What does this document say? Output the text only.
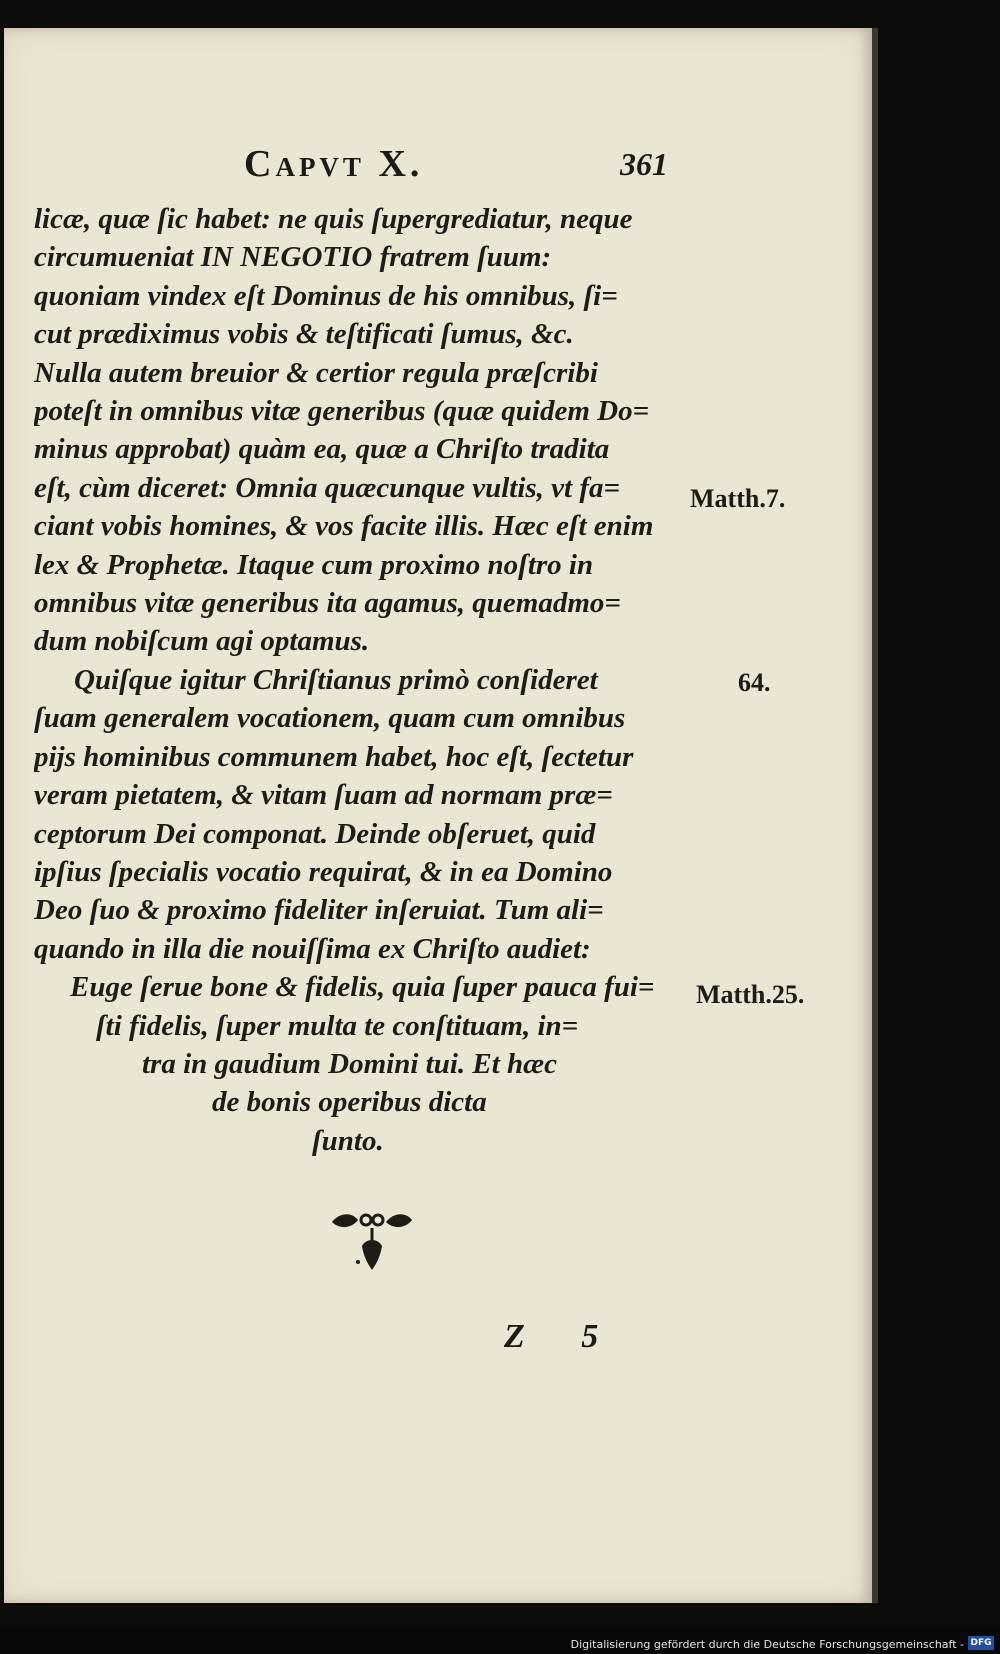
Capvt X.	361
licæ, quæ ſic habet: ne quis ſupergrediatur, neque
circumueniat IN NEGOTIO fratrem ſuum:
quoniam vindex eſt Dominus de his omnibus, ſi=
cut prædiximus vobis & teſtificati ſumus, &c.
Nulla autem breuior & certior regula præſcribi
poteſt in omnibus vitæ generibus (quæ quidem Do=
minus approbat) quàm ea, quæ a Chriſto tradita
eſt, cùm diceret: Omnia quæcunque vultis, vt fa=
ciant vobis homines, & vos facite illis. Hæc eſt enim
lex & Prophetæ. Itaque cum proximo noſtro in
omnibus vitæ generibus ita agamus, quemadmo=
dum nobiſcum agi optamus.
Quiſque igitur Chriſtianus primò conſideret
ſuam generalem vocationem, quam cum omnibus
pijs hominibus communem habet, hoc eſt, ſectetur
veram pietatem, & vitam ſuam ad normam præ=
ceptorum Dei componat. Deinde obſeruet, quid
ipſius ſpecialis vocatio requirat, & in ea Domino
Deo ſuo & proximo fideliter inſeruiat. Tum ali=
quando in illa die nouiſſima ex Chriſto audiet:
Euge ſerue bone & fidelis, quia ſuper pauca fui=
ſti fidelis, ſuper multa te conſtituam, in=
tra in gaudium Domini tui. Et hæc
de bonis operibus dicta
ſunto.
Matth.7.
64.
Matth.25.
Z 5
Digitalisierung gefördert durch die Deutsche Forschungsgemeinschaft - DFG
